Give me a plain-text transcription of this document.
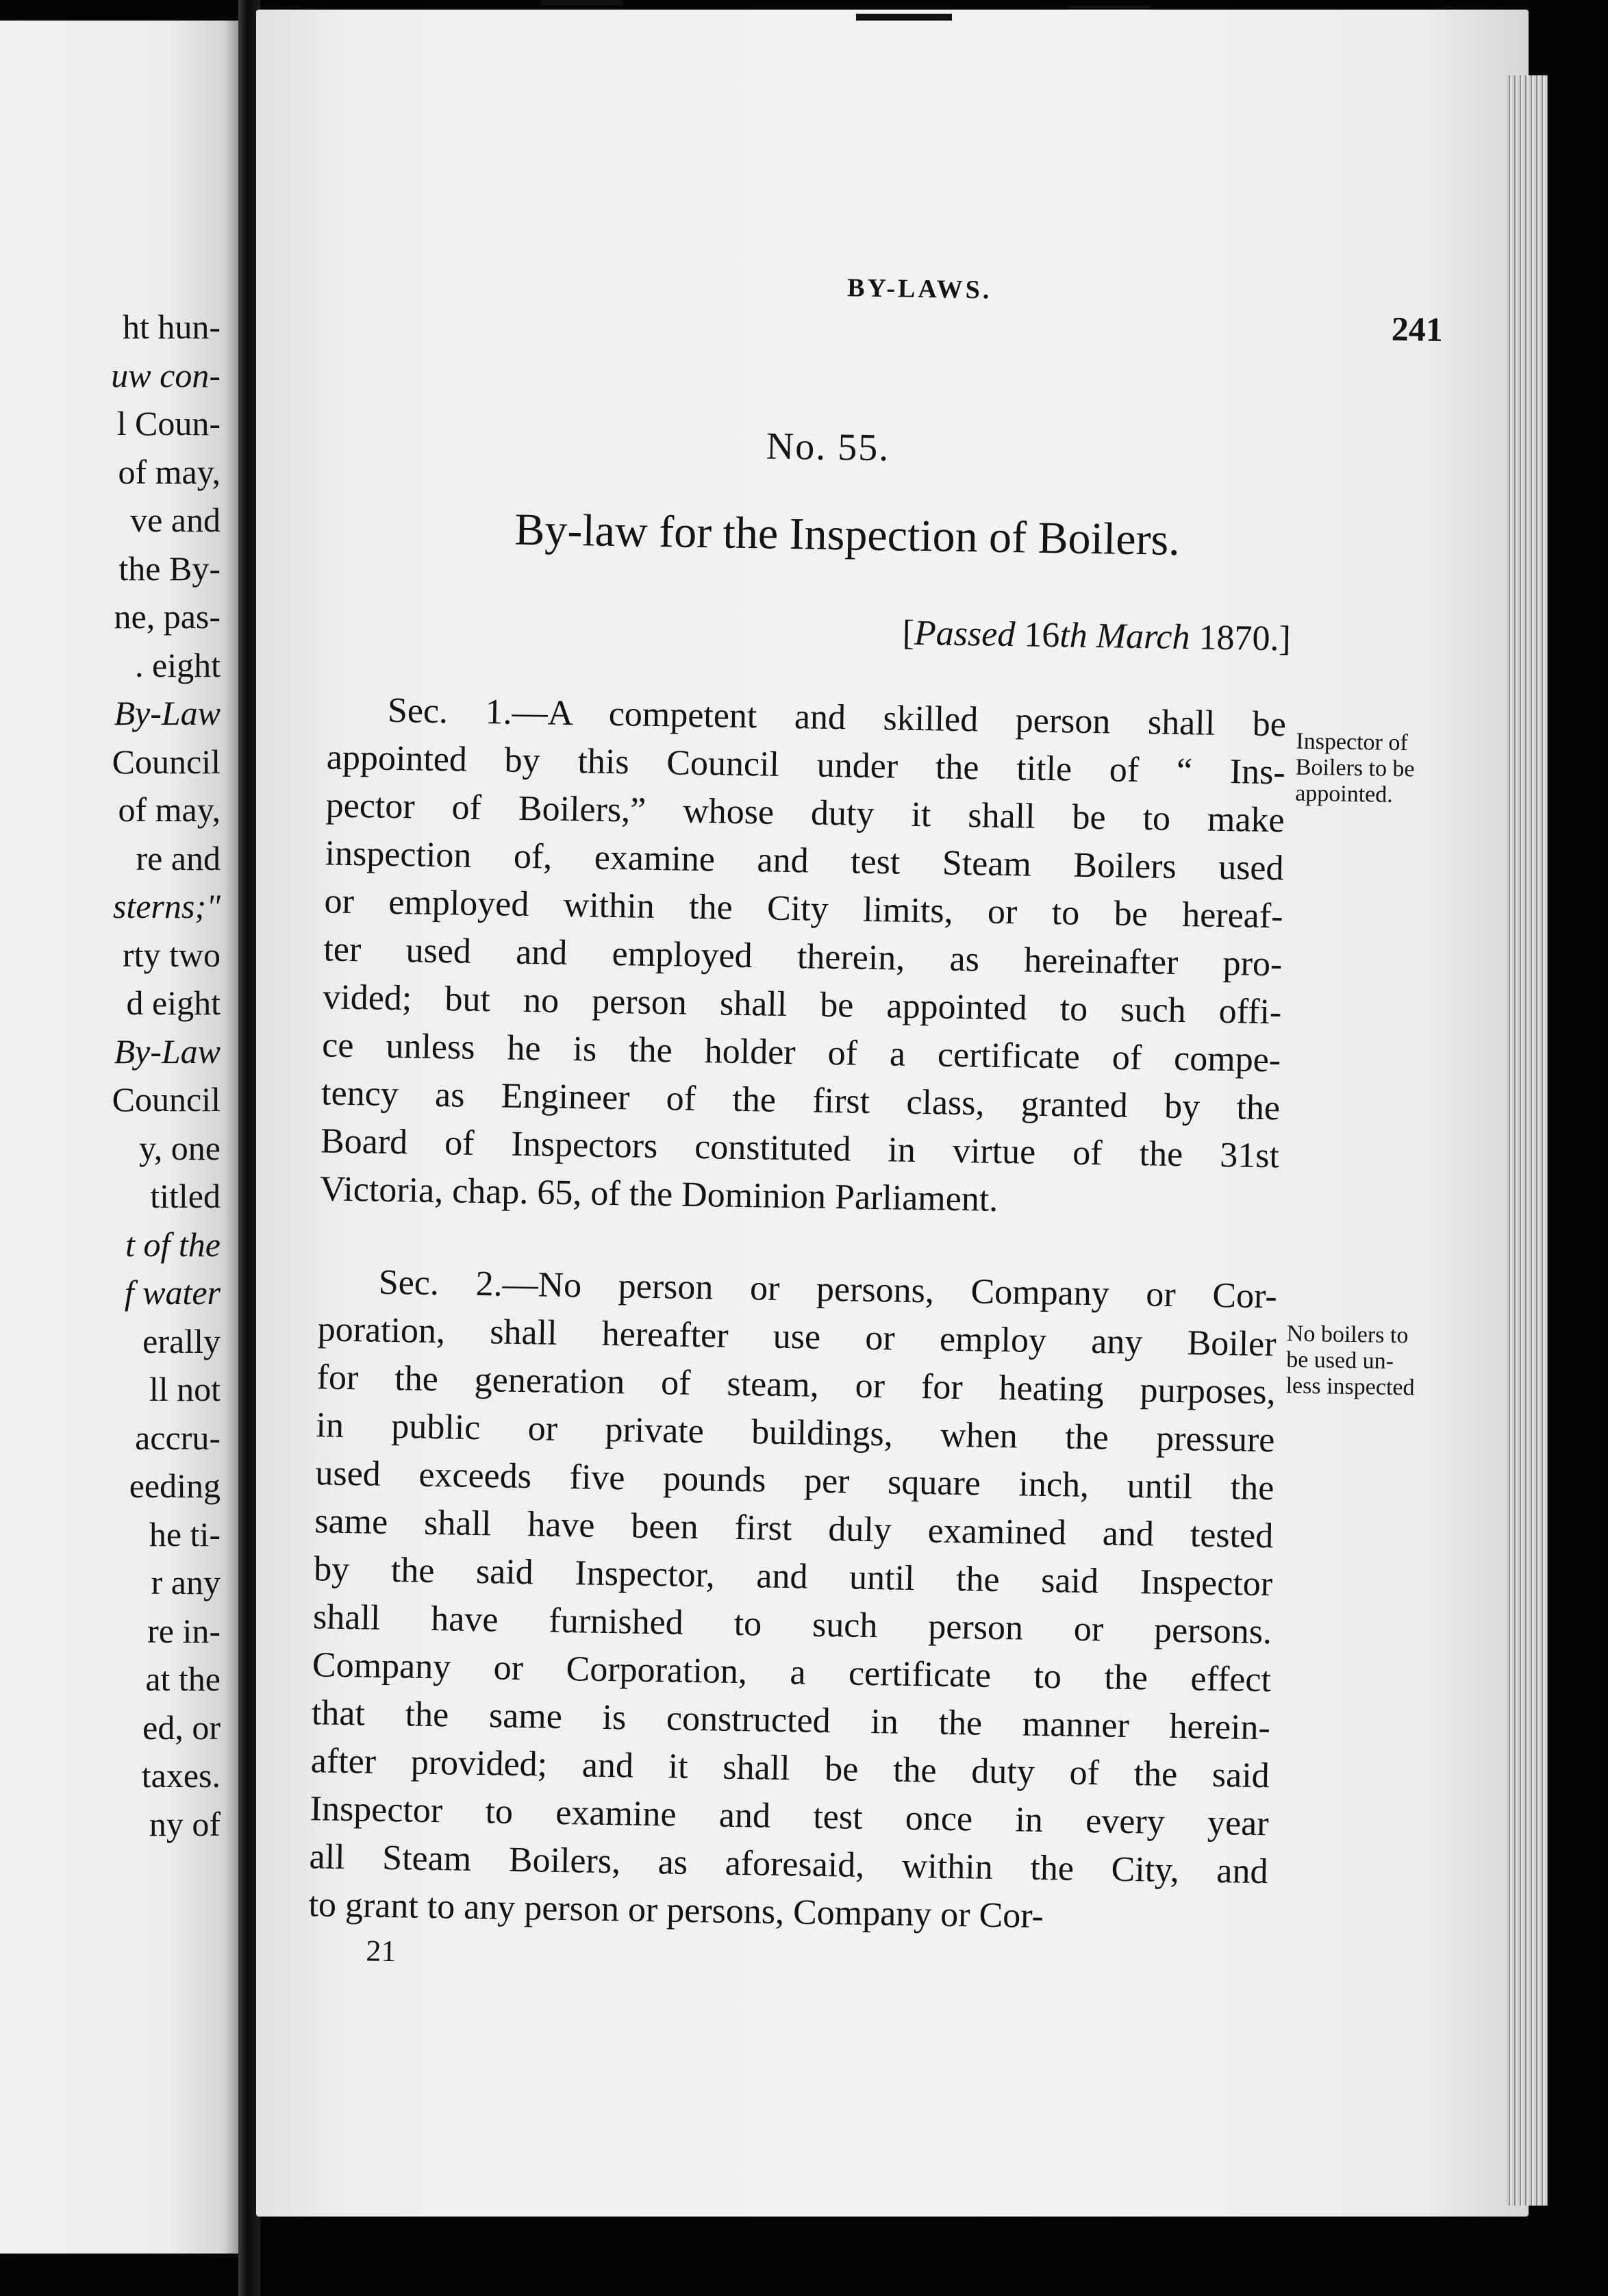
ht hun-
uw con-
l Coun-
of may,
ve and
the By-
ne, pas-
. eight
By-Law
Council
of may,
re and
sterns;"
rty two
d eight
By-Law
Council
y, one
titled
t of the
f water
erally
ll not
accru-
eeding
he ti-
r any
re in-
at the
ed, or
taxes.
ny of
BY-LAWS.
241
No. 55.
By-law for the Inspection of Boilers.
[Passed 16th March 1870.]
Sec. 1.—A competent and skilled person shall be
appointed by this Council under the title of “ Ins-
pector of Boilers,” whose duty it shall be to make
inspection of, examine and test Steam Boilers used
or employed within the City limits, or to be hereaf-
ter used and employed therein, as hereinafter pro-
vided; but no person shall be appointed to such offi-
ce unless he is the holder of a certificate of compe-
tency as Engineer of the first class, granted by the
Board of Inspectors constituted in virtue of the 31st
Victoria, chap. 65, of the Dominion Parliament.
Inspector of
Boilers to be
appointed.
Sec. 2.—No person or persons, Company or Cor-
poration, shall hereafter use or employ any Boiler
for the generation of steam, or for heating purposes,
in public or private buildings, when the pressure
used exceeds five pounds per square inch, until the
same shall have been first duly examined and tested
by the said Inspector, and until the said Inspector
shall have furnished to such person or persons.
Company or Corporation, a certificate to the effect
that the same is constructed in the manner herein-
after provided; and it shall be the duty of the said
Inspector to examine and test once in every year
all Steam Boilers, as aforesaid, within the City, and
to grant to any person or persons, Company or Cor-
No boilers to
be used un-
less inspected
21
